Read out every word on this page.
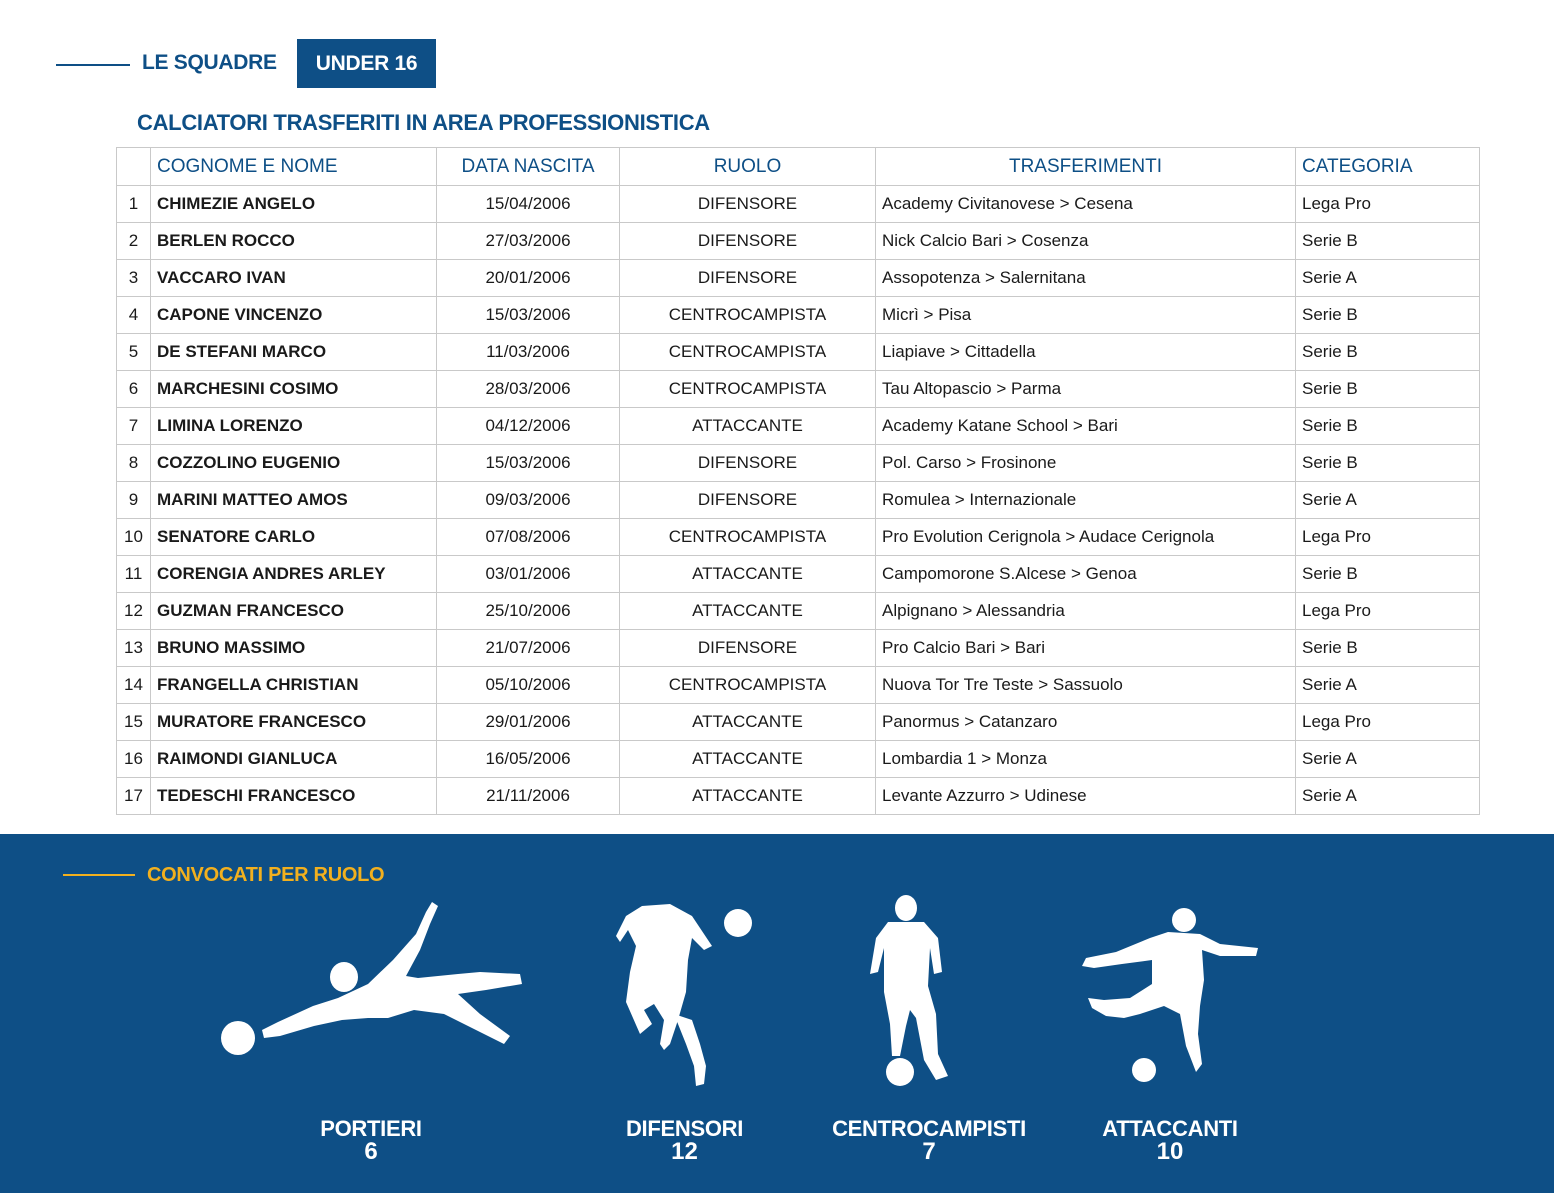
LE SQUADRE	UNDER 16
CALCIATORI TRASFERITI IN AREA PROFESSIONISTICA
	COGNOME E NOME	DATA NASCITA	RUOLO	TRASFERIMENTI	CATEGORIA
1	CHIMEZIE ANGELO	15/04/2006	DIFENSORE	Academy Civitanovese > Cesena	Lega Pro
2	BERLEN ROCCO	27/03/2006	DIFENSORE	Nick Calcio Bari > Cosenza	Serie B
3	VACCARO IVAN	20/01/2006	DIFENSORE	Assopotenza > Salernitana	Serie A
4	CAPONE VINCENZO	15/03/2006	CENTROCAMPISTA	Micrì > Pisa	Serie B
5	DE STEFANI MARCO	11/03/2006	CENTROCAMPISTA	Liapiave > Cittadella	Serie B
6	MARCHESINI COSIMO	28/03/2006	CENTROCAMPISTA	Tau Altopascio > Parma	Serie B
7	LIMINA LORENZO	04/12/2006	ATTACCANTE	Academy Katane School > Bari	Serie B
8	COZZOLINO EUGENIO	15/03/2006	DIFENSORE	Pol. Carso > Frosinone	Serie B
9	MARINI MATTEO AMOS	09/03/2006	DIFENSORE	Romulea > Internazionale	Serie A
10	SENATORE CARLO	07/08/2006	CENTROCAMPISTA	Pro Evolution Cerignola > Audace Cerignola	Lega Pro
11	CORENGIA ANDRES ARLEY	03/01/2006	ATTACCANTE	Campomorone S.Alcese > Genoa	Serie B
12	GUZMAN FRANCESCO	25/10/2006	ATTACCANTE	Alpignano > Alessandria	Lega Pro
13	BRUNO MASSIMO	21/07/2006	DIFENSORE	Pro Calcio Bari > Bari	Serie B
14	FRANGELLA CHRISTIAN	05/10/2006	CENTROCAMPISTA	Nuova Tor Tre Teste > Sassuolo	Serie A
15	MURATORE FRANCESCO	29/01/2006	ATTACCANTE	Panormus > Catanzaro	Lega Pro
16	RAIMONDI GIANLUCA	16/05/2006	ATTACCANTE	Lombardia 1 > Monza	Serie A
17	TEDESCHI FRANCESCO	21/11/2006	ATTACCANTE	Levante Azzurro > Udinese	Serie A
CONVOCATI PER RUOLO
PORTIERI
6
DIFENSORI
12
CENTROCAMPISTI
7
ATTACCANTI
10
